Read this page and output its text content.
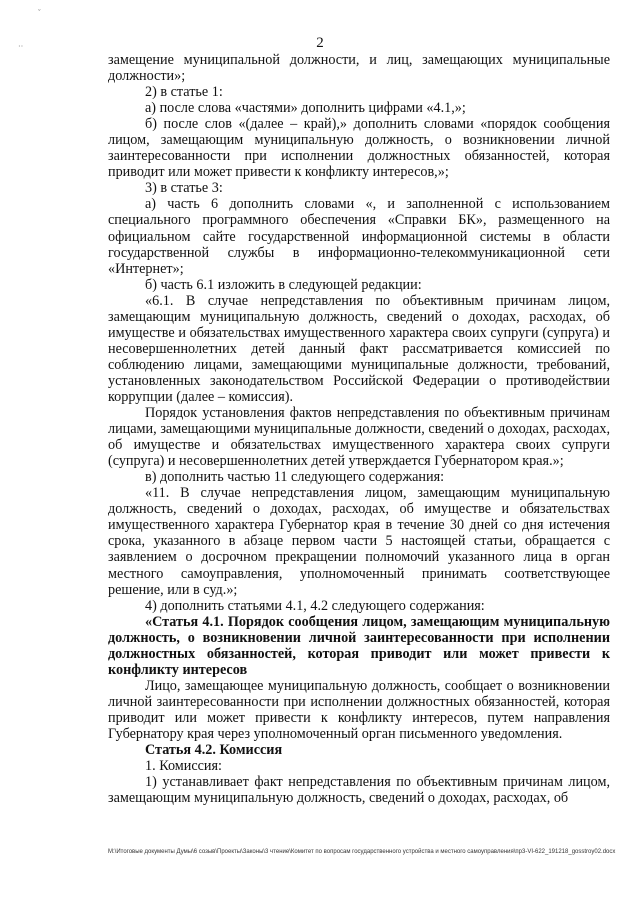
ˇ
··	2

замещение муниципальной должности, и лиц, замещающих муниципальные должности»;

2) в статье 1:

а) после слова «частями» дополнить цифрами «4.1,»;

б) после слов «(далее – край),» дополнить словами «порядок сообщения лицом, замещающим муниципальную должность, о возникновении личной заинтересованности при исполнении должностных обязанностей, которая приводит или может привести к конфликту интересов,»;

3) в статье 3:

а) часть 6 дополнить словами «, и заполненной с использованием специального программного обеспечения «Справки БК», размещенного на официальном сайте государственной информационной системы в области государственной службы в информационно-телекоммуникационной сети «Интернет»;

б) часть 6.1 изложить в следующей редакции:

«6.1. В случае непредставления по объективным причинам лицом, замещающим муниципальную должность, сведений о доходах, расходах, об имуществе и обязательствах имущественного характера своих супруги (супруга) и несовершеннолетних детей данный факт рассматривается комиссией по соблюдению лицами, замещающими муниципальные должности, требований, установленных законодательством Российской Федерации о противодействии коррупции (далее – комиссия).

Порядок установления фактов непредставления по объективным причинам лицами, замещающими муниципальные должности, сведений о доходах, расходах, об имуществе и обязательствах имущественного характера своих супруги (супруга) и несовершеннолетних детей утверждается Губернатором края.»;

в) дополнить частью 11 следующего содержания:

«11. В случае непредставления лицом, замещающим муниципальную должность, сведений о доходах, расходах, об имуществе и обязательствах имущественного характера Губернатор края в течение 30 дней со дня истечения срока, указанного в абзаце первом части 5 настоящей статьи, обращается с заявлением о досрочном прекращении полномочий указанного лица в орган местного самоуправления, уполномоченный принимать соответствующее решение, или в суд.»;

4) дополнить статьями 4.1, 4.2 следующего содержания:

«Статья 4.1. Порядок сообщения лицом, замещающим муниципальную должность, о возникновении личной заинтересованности при исполнении должностных обязанностей, которая приводит или может привести к конфликту интересов

Лицо, замещающее муниципальную должность, сообщает о возникновении личной заинтересованности при исполнении должностных обязанностей, которая приводит или может привести к конфликту интересов, путем направления Губернатору края через уполномоченный орган письменного уведомления.

Статья 4.2. Комиссия

1. Комиссия:

1) устанавливает факт непредставления по объективным причинам лицом, замещающим муниципальную должность, сведений о доходах, расходах, об

M:\Итоговые документы Думы\6 созыв\Проекты\Законы\3 чтение\Комитет по вопросам государственного устройства и местного самоуправления\пр3-VI-622_191218_gosstroy02.docx
